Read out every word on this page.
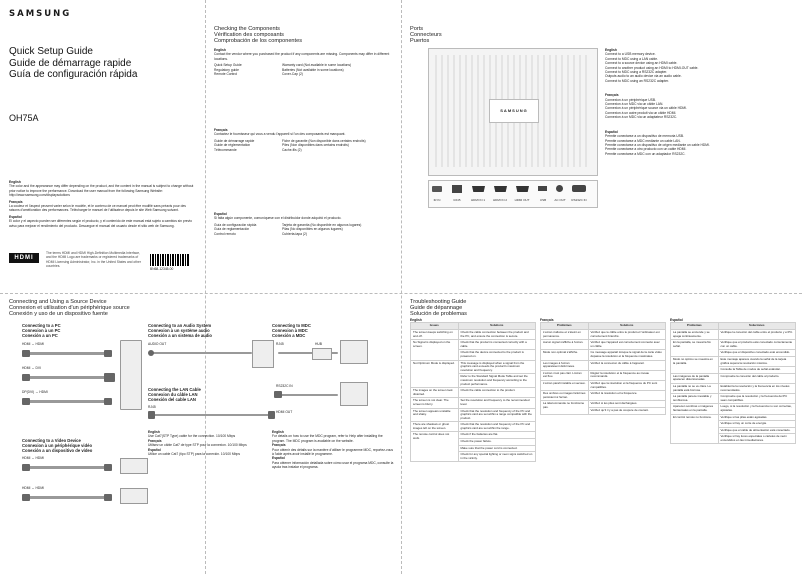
SAMSUNG
Quick Setup Guide
Guide de démarrage rapide
Guía de configuración rápida
OH75A
English
The color and the appearance may differ depending on the product, and the content in the manual is subject to change without prior notice to improve the performance. Download the user manual from the following Samsung Website: http://www.samsung.com/displaysolutions
Français
La couleur et l'aspect peuvent varier selon le modèle, et le contenu de ce manuel peut être modifié sans préavis pour des raisons d'amélioration des performances. Télécharger le manuel de l'utilisateur depuis le site Web Samsung suivant.
Español
El color y el aspecto pueden ser diferentes según el producto, y el contenido de este manual está sujeto a cambios sin previo aviso para mejorar el rendimiento del producto. Descargue el manual del usuario desde el sitio web de Samsung.
HDMI
The terms HDMI and HDMI High-Definition Multimedia Interface, and the HDMI Logo are trademarks or registered trademarks of HDMI Licensing Administrator, Inc. in the United States and other countries.
BN68-12345-00
Checking the Components
Vérification des composants
Comprobación de los componentes
English
Contact the vendor where you purchased the product if any components are missing. Components may differ in different locations.
Quick Setup Guide
Regulatory guide
Remote Control
Warranty card (Not available in some locations)
Batteries (Not available in some locations)
Cover-Cap (2)
Français
Contactez le fournisseur qui vous a vendu l'appareil si l'un des composants est manquant.
Guide de démarrage rapide
Guide de réglementation
Télécommande
Fiche de garantie (Non disponible dans certains endroits)
Piles (Non disponibles dans certains endroits)
Cache-fils (2)
Español
Si falta algún componente, comuníquese con el distribuidor donde adquirió el producto.
Guía de configuración rápida
Guía de reglamentación
Control remoto
Tarjeta de garantía (No disponible en algunos lugares)
Pilas (No disponibles en algunos lugares)
Cubierta-tapa (2)
Ports
Connecteurs
Puertos
SAMSUNG
IR IN	RJ45	HDMI IN 1	HDMI IN 2	HDMI OUT	USB	AC OUT	RS232C IN
English
Connect to a USB memory device.
Connect to MDC using a LAN cable.
Connect to a source device using an HDMI cable.
Connect to another product using an HDMI to HDMI-OUT cable.
Connect to MDC using a RS232C adapter.
Outputs audio to an audio device via an audio cable.
Connect to MDC using an RS232C adapter.
Français
Connexion à un périphérique USB.
Connexion à un MDC via un câble LAN.
Connexion à un périphérique source via un câble HDMI.
Connexion à un autre produit via un câble HDMI.
Connexion à un MDC via un adaptateur RS232C.
Español
Permite conectarse a un dispositivo de memoria USB.
Permite conectarse a MDC mediante un cable LAN.
Permite conectarse a un dispositivo de origen mediante un cable HDMI.
Permite conectarse a otro producto con un cable HDMI.
Permite conectarse a MDC con un adaptador RS232C.
Connecting and Using a Source Device
Connexion et utilisation d'un périphérique source
Conexión y uso de un dispositivo fuente
Connecting to a PC
Connexion à un PC
Conexión a un PC
HDMI ↔ HDMI
HDMI ↔ DVI
DP(DVI) ↔ HDMI
Connecting to a Video Device
Connexion à un périphérique vidéo
Conexión a un dispositivo de vídeo
HDMI ↔ HDMI
HDMI ↔ HDMI
Connecting to an Audio System
Connexion à un système audio
Conexión a un sistema de audio
AUDIO OUT
Connecting the LAN Cable
Connexion du câble LAN
Conexión del cable LAN
RJ45
English
Use Cat7(STP Type) cable for the connection. 10/100 Mbps
Français
Utilisez un câble Cat7 de type STP pour la connexion. 10/100 Mbps
Español
Utilice un cable Cat7 (tipo STP) para la conexión. 10/100 Mbps
Connecting to MDC
Connexion à MDC
Conexión a MDC
RJ45	HUB
RS232C IN
HDMI OUT
English
For details on how to use the MDC program, refer to Help after installing the program. The MDC program is available on the website.
Français
Pour obtenir des détails sur la manière d'utiliser le programme MDC, reportez-vous à l'aide après avoir installé le programme.
Español
Para obtener información detallada sobre cómo usar el programa MDC, consulte la ayuda tras instalar el programa.
Troubleshooting Guide
Guide de dépannage
Solución de problemas
English
Issues	Solutions
The screen keeps switching on and off.	Check the cable connection between the product and the PC, and ensure the connection is secure.
No Signal is displayed on the screen.	Check that the product is connected correctly with a cable.
	Check that the device connected to the product is powered on.
Not Optimum Mode is displayed.	This message is displayed when a signal from the graphics card exceeds the product's maximum resolution and frequency.
	Refer to the Standard Signal Mode Table and set the maximum resolution and frequency according to the product performance.
The images on the screen look distorted.	Check the cable connection to the product.
The screen is not clear. The screen is blurry.	Set the resolution and frequency to the recommended level.
The screen appears unstable and shaky.	Check that the resolution and frequency of the PC and graphics card are set within a range compatible with the product.
There are shadows or ghost images left on the screen.	Check that the resolution and frequency of the PC and graphics card are set within the range.
The remote control does not work.	Check if the batteries are flat.
	Check the power failure.
	Make sure that the power cord is connected.
	Check for any special lighting or neon signs switched on in the vicinity.
Français
Problèmes	Solutions
L'écran s'allume et s'éteint en permanence.	Vérifiez que le câble entre le produit et l'ordinateur est correctement branché.
Aucun signal s'affiche à l'écran.	Vérifiez que l'appareil est correctement connecté avec un câble.
Mode non optimal s'affiche.	Ce message apparaît lorsque le signal de la carte vidéo dépasse la résolution et la fréquence maximales.
Les images à l'écran apparaissent déformées.	Vérifiez la connexion du câble à l'appareil.
L'écran n'est pas clair. L'écran est flou.	Réglez la résolution et la fréquence au niveau recommandé.
L'écran paraît instable et secoué.	Vérifiez que la résolution et la fréquence du PC sont compatibles.
Des ombres ou images fantômes persistent à l'écran.	Vérifiez la résolution et la fréquence.
La télécommande ne fonctionne pas.	Vérifiez si les piles sont déchargées.
	Vérifiez qu'il n'y a pas de coupure de courant.
Español
Problemas	Soluciones
La pantalla se enciende y se apaga continuamente.	Verifique la conexión del cable entre el producto y el PC.
En la pantalla, se muestra No señal.	Verifique que el producto esté conectado correctamente con un cable.
	Verifique que el dispositivo conectado esté encendido.
Modo no óptimo se muestra en la pantalla.	Este mensaje aparece cuando la señal de la tarjeta gráfica supera la resolución máxima.
	Consulte la Tabla de modos de señal estándar.
Las imágenes de la pantalla aparecen distorsionadas.	Compruebe la conexión del cable al producto.
La pantalla no se ve clara. La pantalla está borrosa.	Establezca la resolución y la frecuencia en los niveles recomendados.
La pantalla parece inestable y temblorosa.	Compruebe que la resolución y la frecuencia del PC sean compatibles.
Aparecen sombras o imágenes fantasmales en la pantalla.	Luego, si la resolución y la frecuencia no son correctas, ajústelas.
El control remoto no funciona.	Verifique si las pilas están agotadas.
	Verifique si hay un corte de energía.
	Verifique que el cable de alimentación esté conectado.
	Verifique si hay luces especiales o carteles de neón encendidos en las inmediaciones.
